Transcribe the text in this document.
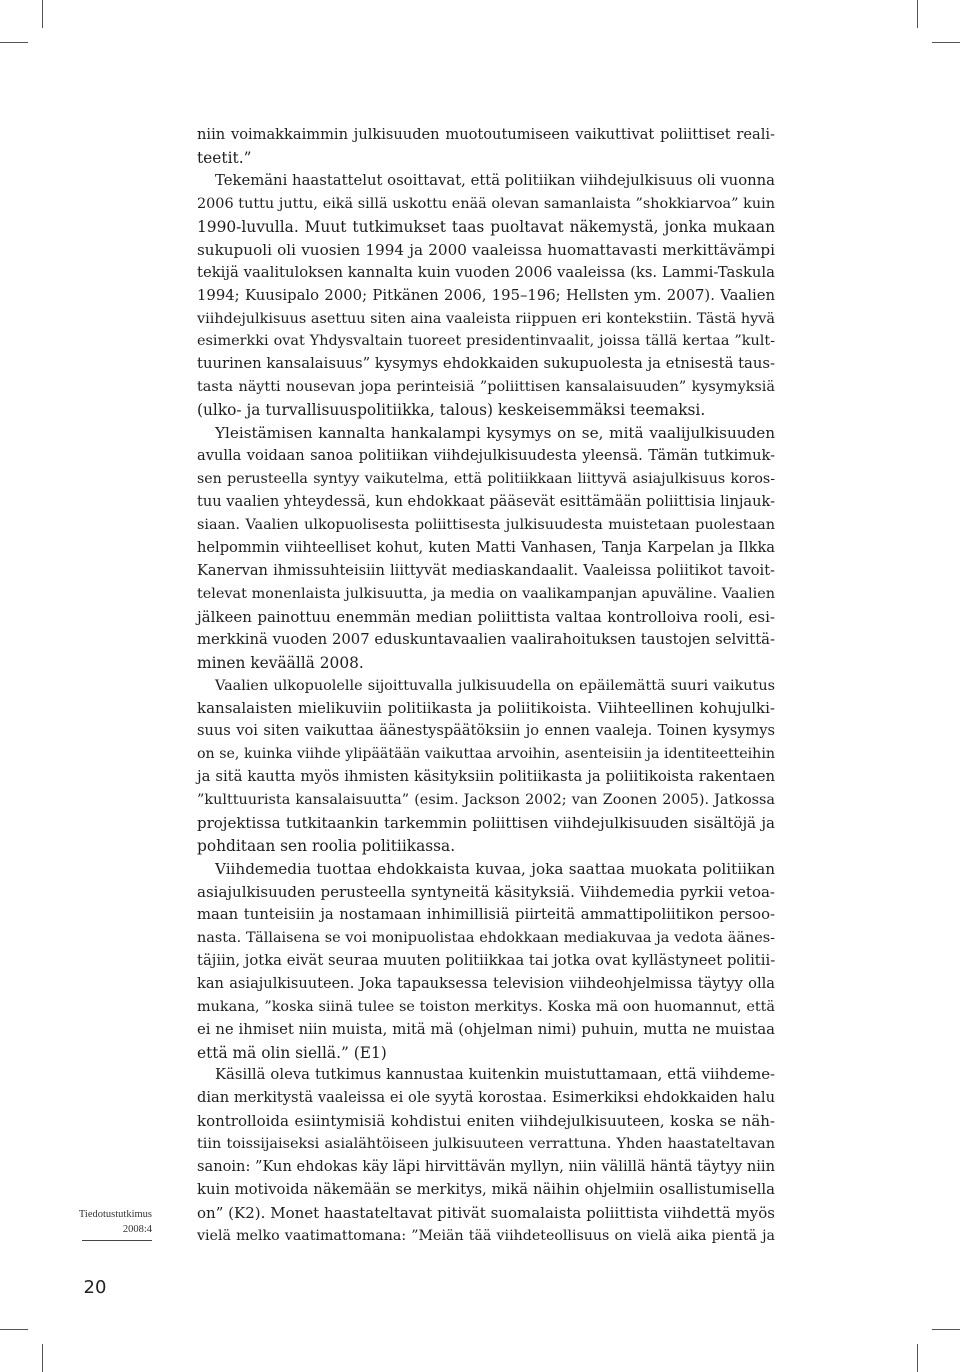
niin voimakkaimmin julkisuuden muotoutumiseen vaikuttivat poliittiset reali-
teetit.”
Tekemäni haastattelut osoittavat, että politiikan viihdejulkisuus oli vuonna
2006 tuttu juttu, eikä sillä uskottu enää olevan samanlaista ”shokkiarvoa” kuin
1990-luvulla. Muut tutkimukset taas puoltavat näkemystä, jonka mukaan
sukupuoli oli vuosien 1994 ja 2000 vaaleissa huomattavasti merkittävämpi
tekijä vaalituloksen kannalta kuin vuoden 2006 vaaleissa (ks. Lammi-Taskula
1994; Kuusipalo 2000; Pitkänen 2006, 195–196; Hellsten ym. 2007). Vaalien
viihdejulkisuus asettuu siten aina vaaleista riippuen eri kontekstiin. Tästä hyvä
esimerkki ovat Yhdysvaltain tuoreet presidentinvaalit, joissa tällä kertaa ”kult-
tuurinen kansalaisuus” kysymys ehdokkaiden sukupuolesta ja etnisestä taus-
tasta näytti nousevan jopa perinteisiä ”poliittisen kansalaisuuden” kysymyksiä
(ulko- ja turvallisuuspolitiikka, talous) keskeisemmäksi teemaksi.
Yleistämisen kannalta hankalampi kysymys on se, mitä vaalijulkisuuden
avulla voidaan sanoa politiikan viihdejulkisuudesta yleensä. Tämän tutkimuk-
sen perusteella syntyy vaikutelma, että politiikkaan liittyvä asiajulkisuus koros-
tuu vaalien yhteydessä, kun ehdokkaat pääsevät esittämään poliittisia linjauk-
siaan. Vaalien ulkopuolisesta poliittisesta julkisuudesta muistetaan puolestaan
helpommin viihteelliset kohut, kuten Matti Vanhasen, Tanja Karpelan ja Ilkka
Kanervan ihmissuhteisiin liittyvät mediaskandaalit. Vaaleissa poliitikot tavoit-
televat monenlaista julkisuutta, ja media on vaalikampanjan apuväline. Vaalien
jälkeen painottuu enemmän median poliittista valtaa kontrolloiva rooli, esi-
merkkinä vuoden 2007 eduskuntavaalien vaalirahoituksen taustojen selvittä-
minen keväällä 2008.
Vaalien ulkopuolelle sijoittuvalla julkisuudella on epäilemättä suuri vaikutus
kansalaisten mielikuviin politiikasta ja poliitikoista. Viihteellinen kohujulki-
suus voi siten vaikuttaa äänestyspäätöksiin jo ennen vaaleja. Toinen kysymys
on se, kuinka viihde ylipäätään vaikuttaa arvoihin, asenteisiin ja identiteetteihin
ja sitä kautta myös ihmisten käsityksiin politiikasta ja poliitikoista rakentaen
”kulttuurista kansalaisuutta” (esim. Jackson 2002; van Zoonen 2005). Jatkossa
projektissa tutkitaankin tarkemmin poliittisen viihdejulkisuuden sisältöjä ja
pohditaan sen roolia politiikassa.
Viihdemedia tuottaa ehdokkaista kuvaa, joka saattaa muokata politiikan
asiajulkisuuden perusteella syntyneitä käsityksiä. Viihdemedia pyrkii vetoa-
maan tunteisiin ja nostamaan inhimillisiä piirteitä ammattipoliitikon persoo-
nasta. Tällaisena se voi monipuolistaa ehdokkaan mediakuvaa ja vedota äänes-
täjiin, jotka eivät seuraa muuten politiikkaa tai jotka ovat kyllästyneet politii-
kan asiajulkisuuteen. Joka tapauksessa television viihdeohjelmissa täytyy olla
mukana, ”koska siinä tulee se toiston merkitys. Koska mä oon huomannut, että
ei ne ihmiset niin muista, mitä mä (ohjelman nimi) puhuin, mutta ne muistaa
että mä olin siellä.” (E1)
Käsillä oleva tutkimus kannustaa kuitenkin muistuttamaan, että viihdeme-
dian merkitystä vaaleissa ei ole syytä korostaa. Esimerkiksi ehdokkaiden halu
kontrolloida esiintymisiä kohdistui eniten viihdejulkisuuteen, koska se näh-
tiin toissijaiseksi asialähtöiseen julkisuuteen verrattuna. Yhden haastateltavan
sanoin: ”Kun ehdokas käy läpi hirvittävän myllyn, niin välillä häntä täytyy niin
kuin motivoida näkemään se merkitys, mikä näihin ohjelmiin osallistumisella
on” (K2). Monet haastateltavat pitivät suomalaista poliittista viihdettä myös
vielä melko vaatimattomana: ”Meiän tää viihdeteollisuus on vielä aika pientä ja
Tiedotustutkimus
2008:4
20
